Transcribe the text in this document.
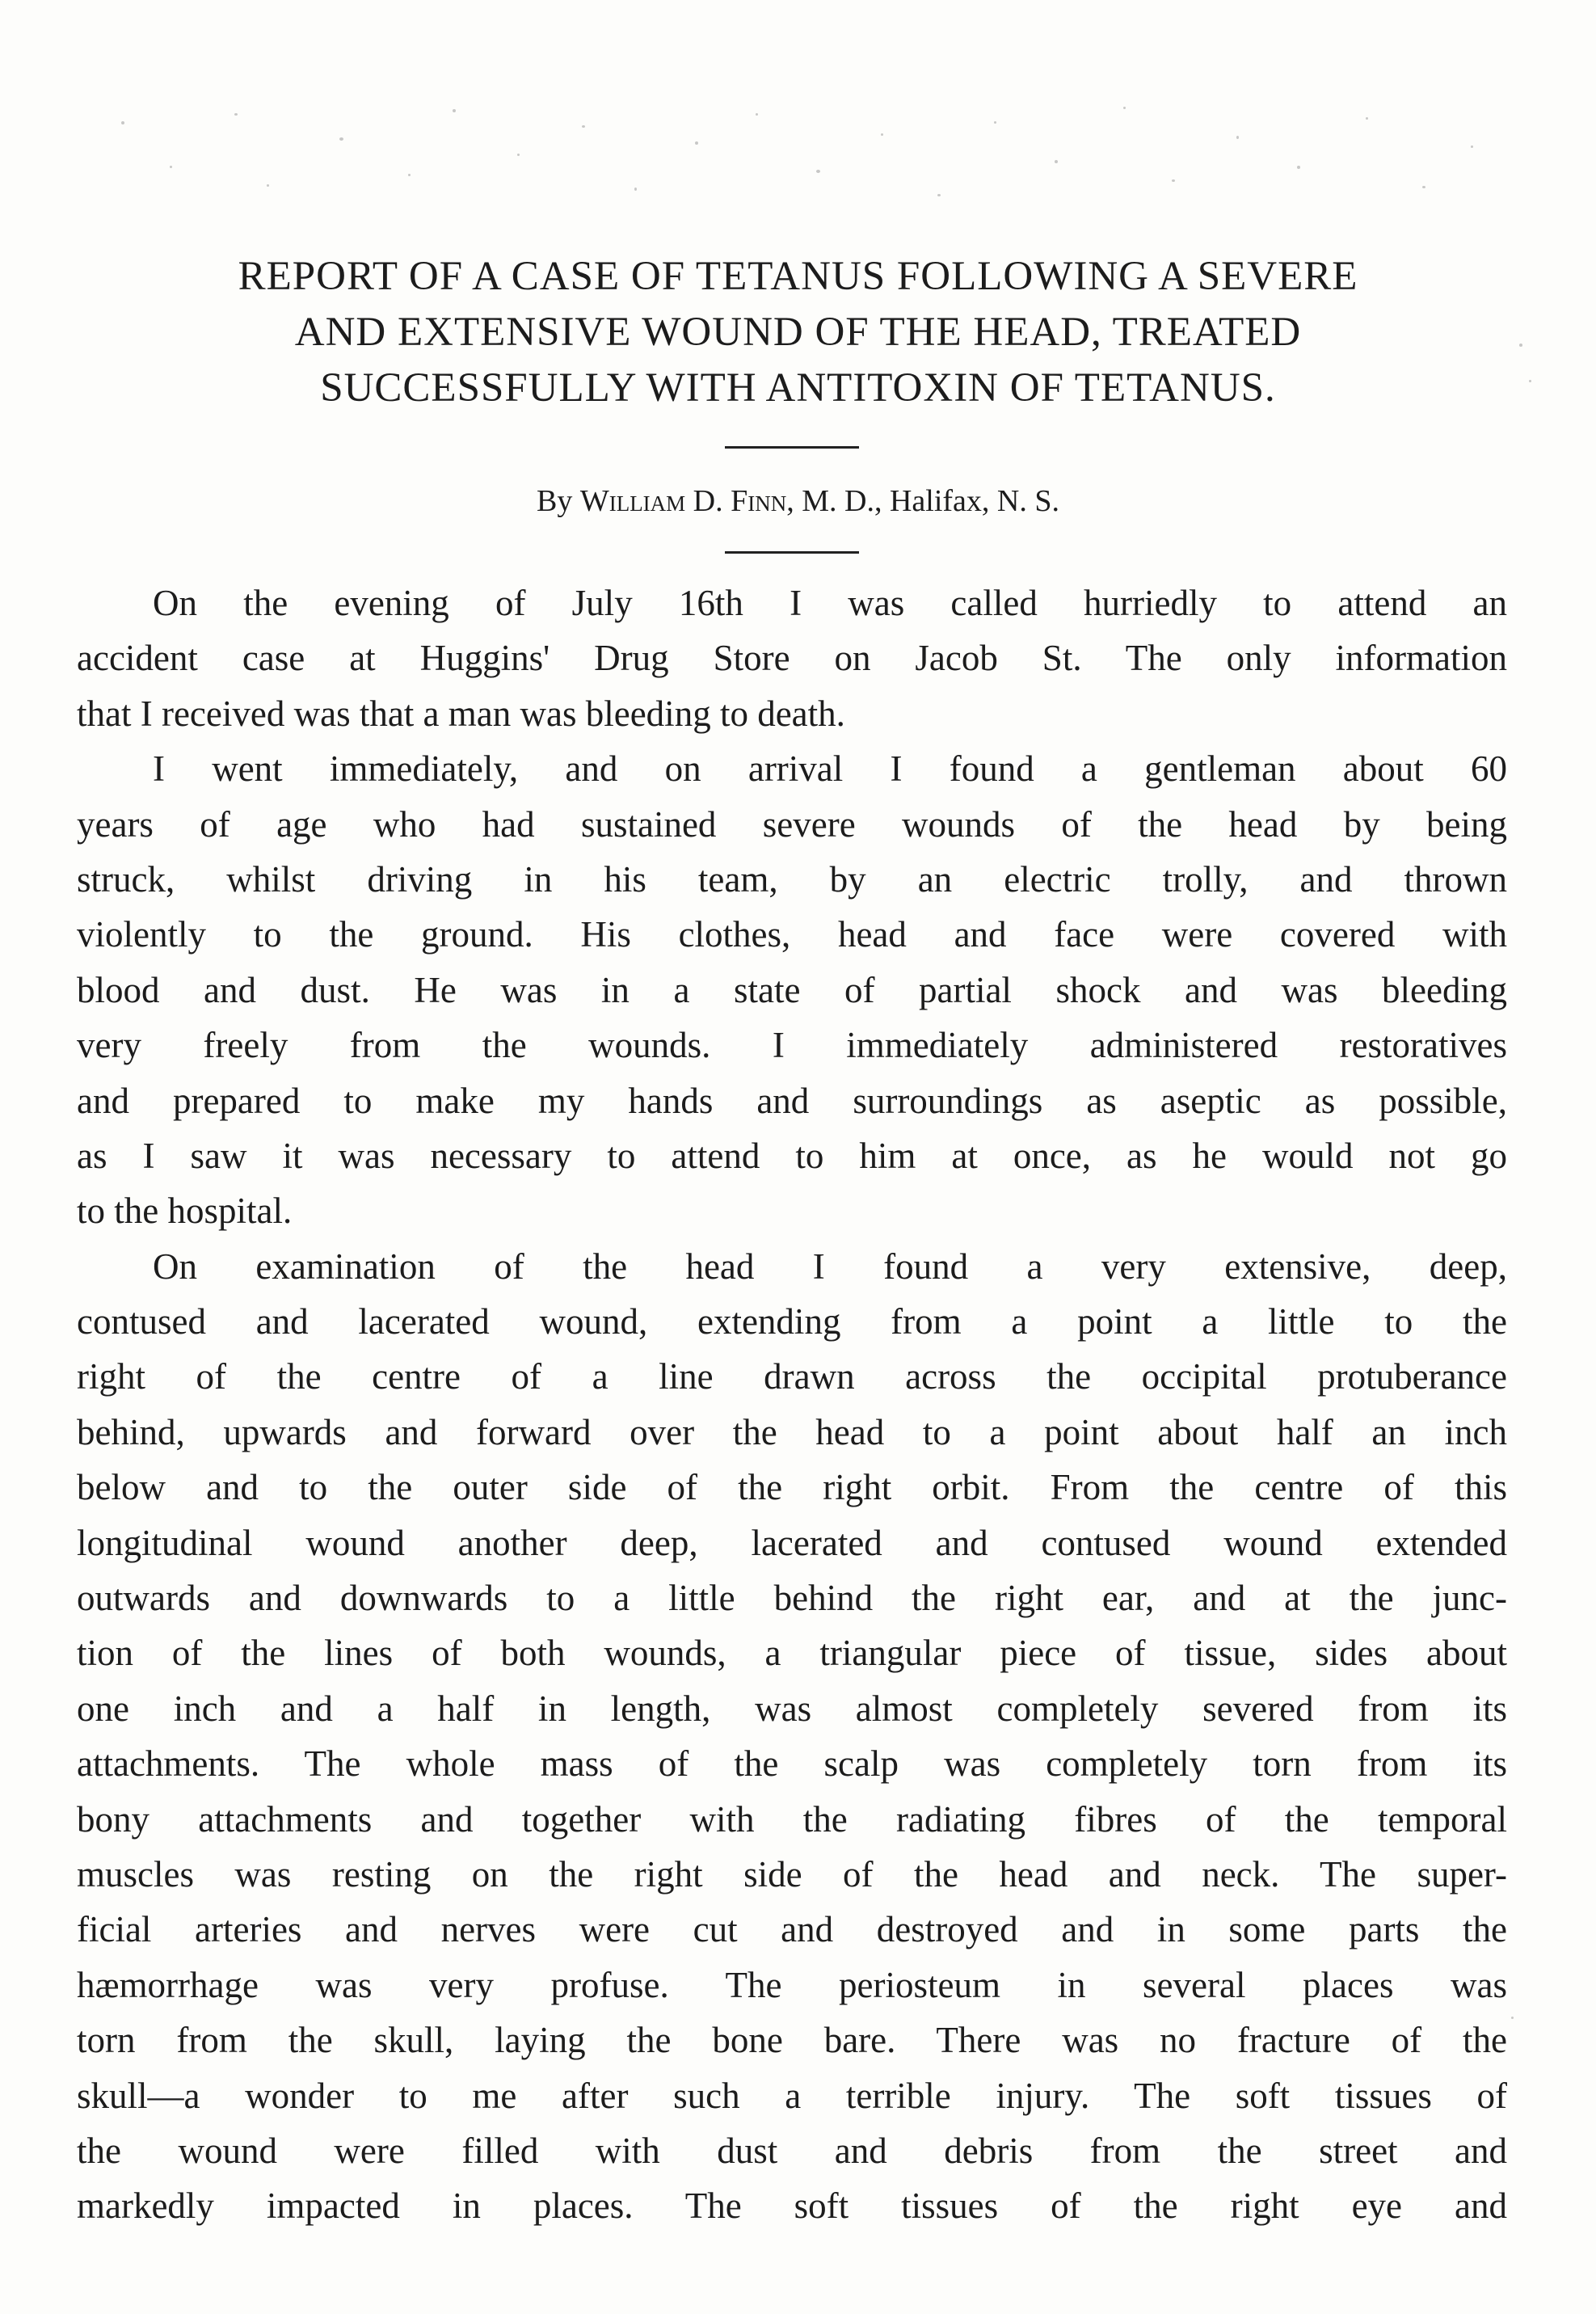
REPORT OF A CASE OF TETANUS FOLLOWING A SEVERE
AND EXTENSIVE WOUND OF THE HEAD, TREATED
SUCCESSFULLY WITH ANTITOXIN OF TETANUS.
By William D. Finn, M. D., Halifax, N. S.
On the evening of July 16th I was called hurriedly to attend an
accident case at Huggins' Drug Store on Jacob St. The only information
that I received was that a man was bleeding to death.
I went immediately, and on arrival I found a gentleman about 60
years of age who had sustained severe wounds of the head by being
struck, whilst driving in his team, by an electric trolly, and thrown
violently to the ground. His clothes, head and face were covered with
blood and dust. He was in a state of partial shock and was bleeding
very freely from the wounds. I immediately administered restoratives
and prepared to make my hands and surroundings as aseptic as possible,
as I saw it was necessary to attend to him at once, as he would not go
to the hospital.
On examination of the head I found a very extensive, deep,
contused and lacerated wound, extending from a point a little to the
right of the centre of a line drawn across the occipital protuberance
behind, upwards and forward over the head to a point about half an inch
below and to the outer side of the right orbit. From the centre of this
longitudinal wound another deep, lacerated and contused wound extended
outwards and downwards to a little behind the right ear, and at the junc-
tion of the lines of both wounds, a triangular piece of tissue, sides about
one inch and a half in length, was almost completely severed from its
attachments. The whole mass of the scalp was completely torn from its
bony attachments and together with the radiating fibres of the temporal
muscles was resting on the right side of the head and neck. The super-
ficial arteries and nerves were cut and destroyed and in some parts the
hæmorrhage was very profuse. The periosteum in several places was
torn from the skull, laying the bone bare. There was no fracture of the
skull—a wonder to me after such a terrible injury. The soft tissues of
the wound were filled with dust and debris from the street and
markedly impacted in places. The soft tissues of the right eye and
